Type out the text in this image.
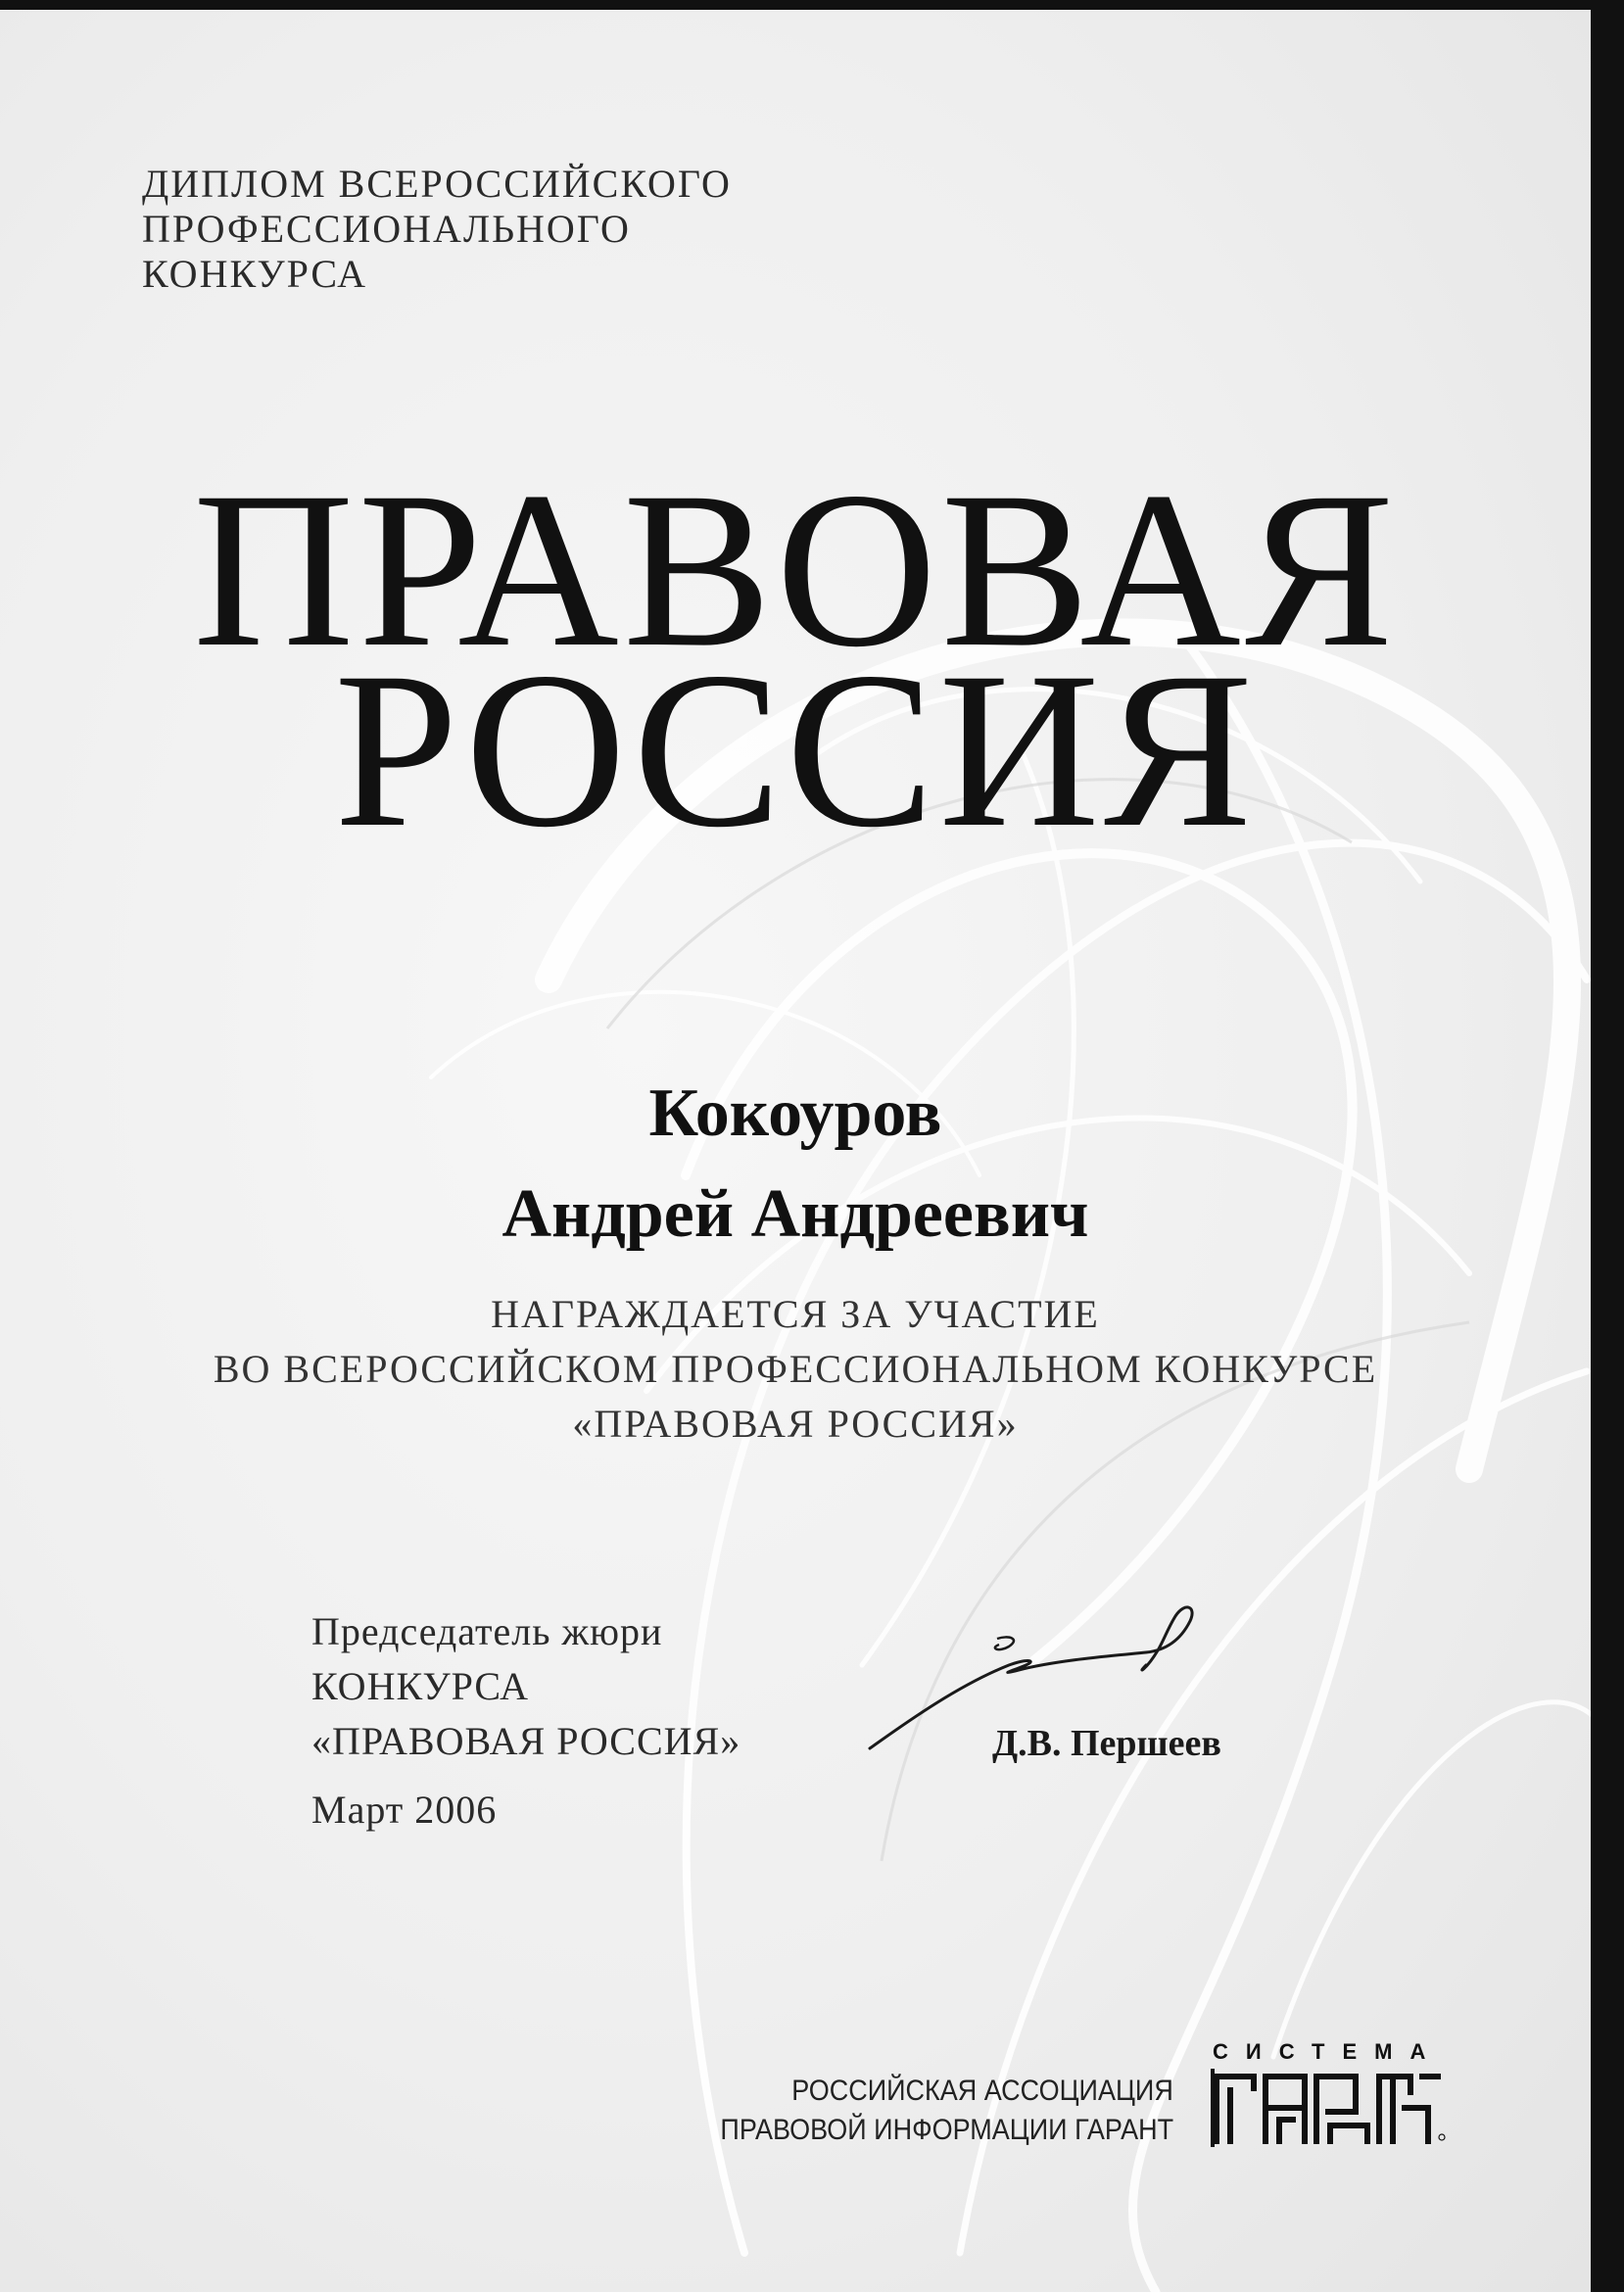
ДИПЛОМ ВСЕРОССИЙСКОГО
ПРОФЕССИОНАЛЬНОГО
КОНКУРСА
ПРАВОВАЯ
РОССИЯ
Кокоуров
Андрей Андреевич
НАГРАЖДАЕТСЯ ЗА УЧАСТИЕ
ВО ВСЕРОССИЙСКОМ ПРОФЕССИОНАЛЬНОМ КОНКУРСЕ
«ПРАВОВАЯ РОССИЯ»
Председатель жюри
КОНКУРСА
«ПРАВОВАЯ РОССИЯ»
Март 2006
Д.В. Першеев
РОССИЙСКАЯ АССОЦИАЦИЯ
ПРАВОВОЙ ИНФОРМАЦИИ ГАРАНТ
СИСТЕМА
